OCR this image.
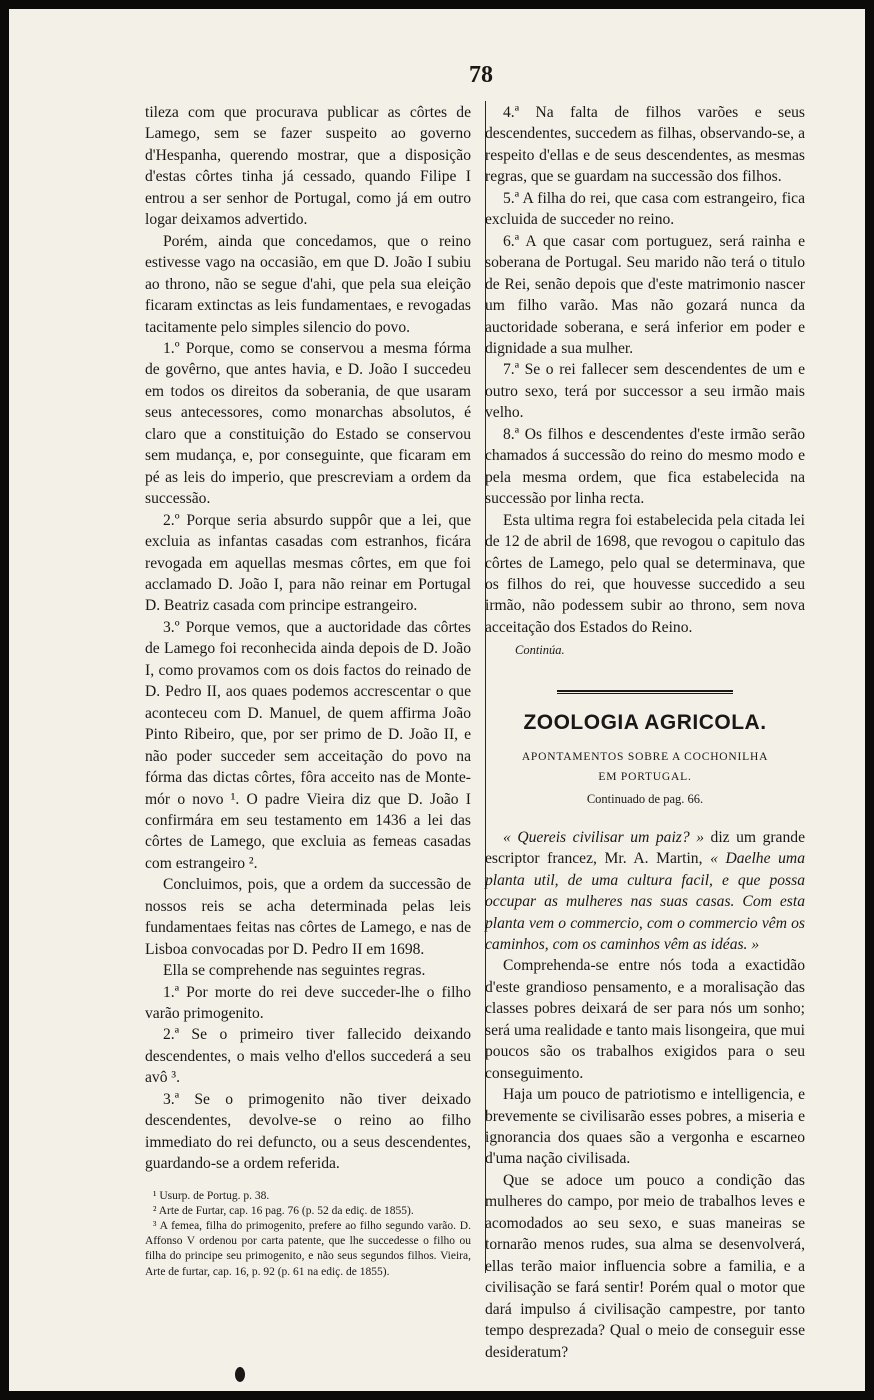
78

tileza com que procurava publicar as côrtes de Lamego, sem se fazer suspeito ao governo d'Hespanha, querendo mostrar, que a disposição d'estas côrtes tinha já cessado, quando Filipe I entrou a ser senhor de Portugal, como já em outro logar deixamos advertido.

Porém, ainda que concedamos, que o reino estivesse vago na occasião, em que D. João I subiu ao throno, não se segue d'ahi, que pela sua eleição ficaram extinctas as leis fundamentaes, e revogadas tacitamente pelo simples silencio do povo.

1.º Porque, como se conservou a mesma fórma de govêrno, que antes havia, e D. João I succedeu em todos os direitos da soberania, de que usaram seus antecessores, como monarchas absolutos, é claro que a constituição do Estado se conservou sem mudança, e, por conseguinte, que ficaram em pé as leis do imperio, que prescreviam a ordem da successão.

2.º Porque seria absurdo suppôr que a lei, que excluia as infantas casadas com estranhos, ficára revogada em aquellas mesmas côrtes, em que foi acclamado D. João I, para não reinar em Portugal D. Beatriz casada com principe estrangeiro.

3.º Porque vemos, que a auctoridade das côrtes de Lamego foi reconhecida ainda depois de D. João I, como provamos com os dois factos do reinado de D. Pedro II, aos quaes podemos accrescentar o que aconteceu com D. Manuel, de quem affirma João Pinto Ribeiro, que, por ser primo de D. João II, e não poder succeder sem acceitação do povo na fórma das dictas côrtes, fôra acceito nas de Monte-mór o novo ¹. O padre Vieira diz que D. João I confirmára em seu testamento em 1436 a lei das côrtes de Lamego, que excluia as femeas casadas com estrangeiro ².

Concluimos, pois, que a ordem da successão de nossos reis se acha determinada pelas leis fundamentaes feitas nas côrtes de Lamego, e nas de Lisboa convocadas por D. Pedro II em 1698.

Ella se comprehende nas seguintes regras.

1.ª Por morte do rei deve succeder-lhe o filho varão primogenito.

2.ª Se o primeiro tiver fallecido deixando descendentes, o mais velho d'ellos succederá a seu avô ³.

3.ª Se o primogenito não tiver deixado descendentes, devolve-se o reino ao filho immediato do rei defuncto, ou a seus descendentes, guardando-se a ordem referida.

¹ Usurp. de Portug. p. 38.

² Arte de Furtar, cap. 16 pag. 76 (p. 52 da ediç. de 1855).

³ A femea, filha do primogenito, prefere ao filho segundo varão. D. Affonso V ordenou por carta patente, que lhe succedesse o filho ou filha do principe seu primogenito, e não seus segundos filhos. Vieira, Arte de furtar, cap. 16, p. 92 (p. 61 na ediç. de 1855).

4.ª Na falta de filhos varões e seus descendentes, succedem as filhas, observando-se, a respeito d'ellas e de seus descendentes, as mesmas regras, que se guardam na successão dos filhos.

5.ª A filha do rei, que casa com estrangeiro, fica excluida de succeder no reino.

6.ª A que casar com portuguez, será rainha e soberana de Portugal. Seu marido não terá o titulo de Rei, senão depois que d'este matrimonio nascer um filho varão. Mas não gozará nunca da auctoridade soberana, e será inferior em poder e dignidade a sua mulher.

7.ª Se o rei fallecer sem descendentes de um e outro sexo, terá por successor a seu irmão mais velho.

8.ª Os filhos e descendentes d'este irmão serão chamados á successão do reino do mesmo modo e pela mesma ordem, que fica estabelecida na successão por linha recta.

Esta ultima regra foi estabelecida pela citada lei de 12 de abril de 1698, que revogou o capitulo das côrtes de Lamego, pelo qual se determinava, que os filhos do rei, que houvesse succedido a seu irmão, não podessem subir ao throno, sem nova acceitação dos Estados do Reino.

Continúa.
ZOOLOGIA AGRICOLA.
APONTAMENTOS SOBRE A COCHONILHA
EM PORTUGAL.
Continuado de pag. 66.

« Quereis civilisar um paiz? » diz um grande escriptor francez, Mr. A. Martin, « Daelhe uma planta util, de uma cultura facil, e que possa occupar as mulheres nas suas casas. Com esta planta vem o commercio, com o commercio vêm os caminhos, com os caminhos vêm as idéas. »

Comprehenda-se entre nós toda a exactidão d'este grandioso pensamento, e a moralisação das classes pobres deixará de ser para nós um sonho; será uma realidade e tanto mais lisongeira, que mui poucos são os trabalhos exigidos para o seu conseguimento.

Haja um pouco de patriotismo e intelligencia, e brevemente se civilisarão esses pobres, a miseria e ignorancia dos quaes são a vergonha e escarneo d'uma nação civilisada.

Que se adoce um pouco a condição das mulheres do campo, por meio de trabalhos leves e acomodados ao seu sexo, e suas maneiras se tornarão menos rudes, sua alma se desenvolverá, ellas terão maior influencia sobre a familia, e a civilisação se fará sentir! Porém qual o motor que dará impulso á civilisação campestre, por tanto tempo desprezada? Qual o meio de conseguir esse desideratum?
